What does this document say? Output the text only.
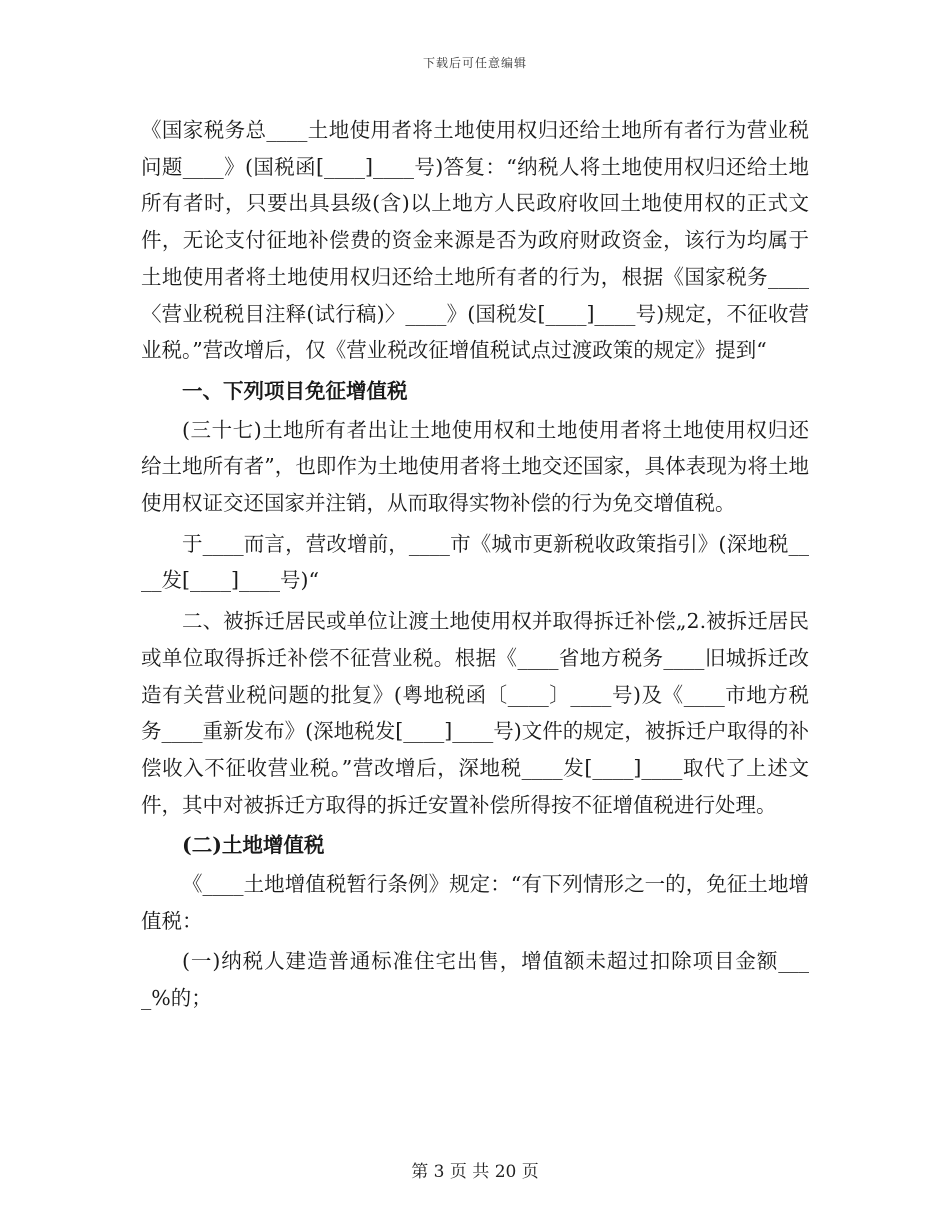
下载后可任意编辑

《国家税务总____土地使用者将土地使用权归还给土地所有者行为营业税问题____》(国税函[____]____号)答复：“纳税人将土地使用权归还给土地所有者时，只要出具县级(含)以上地方人民政府收回土地使用权的正式文件，无论支付征地补偿费的资金来源是否为政府财政资金，该行为均属于土地使用者将土地使用权归还给土地所有者的行为，根据《国家税务____〈营业税税目注释(试行稿)〉____》(国税发[____]____号)规定，不征收营业税。”营改增后，仅《营业税改征增值税试点过渡政策的规定》提到“

一、下列项目免征增值税

(三十七)土地所有者出让土地使用权和土地使用者将土地使用权归还给土地所有者”，也即作为土地使用者将土地交还国家，具体表现为将土地使用权证交还国家并注销，从而取得实物补偿的行为免交增值税。

于____而言，营改增前，____市《城市更新税收政策指引》(深地税____发[____]____号)“

二、被拆迁居民或单位让渡土地使用权并取得拆迁补偿„2.被拆迁居民或单位取得拆迁补偿不征营业税。根据《____省地方税务____旧城拆迁改造有关营业税问题的批复》(粤地税函〔____〕____号)及《____市地方税务____重新发布》(深地税发[____]____号)文件的规定，被拆迁户取得的补偿收入不征收营业税。”营改增后，深地税____发[____]____取代了上述文件，其中对被拆迁方取得的拆迁安置补偿所得按不征增值税进行处理。

(二)土地增值税

《____土地增值税暂行条例》规定：“有下列情形之一的，免征土地增值税：

(一)纳税人建造普通标准住宅出售，增值额未超过扣除项目金额____%的；

第 3 页 共 20 页
